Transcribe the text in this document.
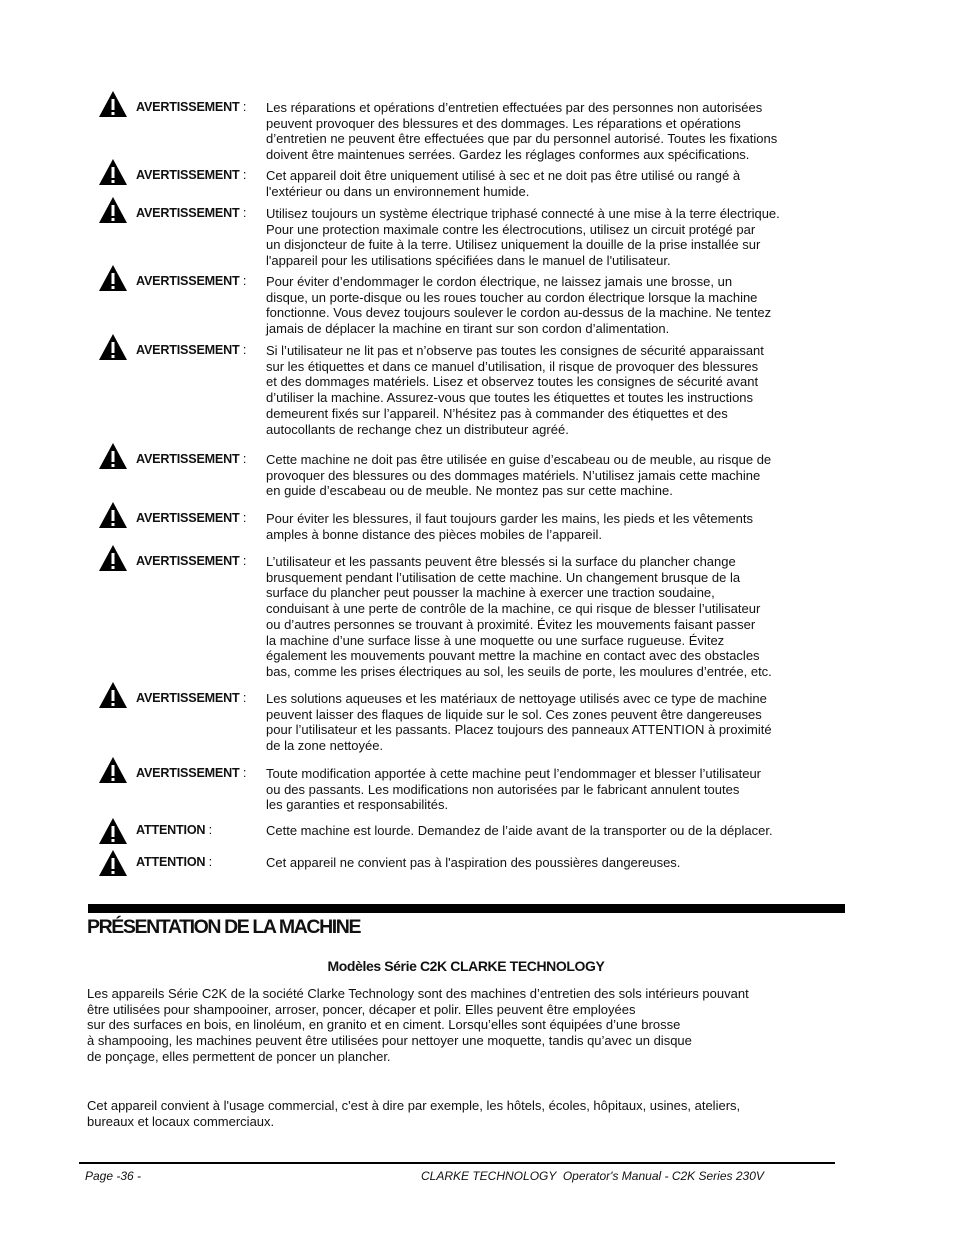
AVERTISSEMENT : Les réparations et opérations d’entretien effectuées par des personnes non autorisées
peuvent provoquer des blessures et des dommages. Les réparations et opérations
d’entretien ne peuvent être effectuées que par du personnel autorisé. Toutes les fixations
doivent être maintenues serrées. Gardez les réglages conformes aux spécifications.
AVERTISSEMENT : Cet appareil doit être uniquement utilisé à sec et ne doit pas être utilisé ou rangé à
l'extérieur ou dans un environnement humide.
AVERTISSEMENT : Utilisez toujours un système électrique triphasé connecté à une mise à la terre électrique.
Pour une protection maximale contre les électrocutions, utilisez un circuit protégé par
un disjoncteur de fuite à la terre. Utilisez uniquement la douille de la prise installée sur
l'appareil pour les utilisations spécifiées dans le manuel de l'utilisateur.
AVERTISSEMENT : Pour éviter d’endommager le cordon électrique, ne laissez jamais une brosse, un
disque, un porte-disque ou les roues toucher au cordon électrique lorsque la machine
fonctionne. Vous devez toujours soulever le cordon au-dessus de la machine. Ne tentez
jamais de déplacer la machine en tirant sur son cordon d’alimentation.
AVERTISSEMENT : Si l’utilisateur ne lit pas et n’observe pas toutes les consignes de sécurité apparaissant
sur les étiquettes et dans ce manuel d’utilisation, il risque de provoquer des blessures
et des dommages matériels. Lisez et observez toutes les consignes de sécurité avant
d’utiliser la machine. Assurez-vous que toutes les étiquettes et toutes les instructions
demeurent fixés sur l’appareil. N’hésitez pas à commander des étiquettes et des
autocollants de rechange chez un distributeur agréé.
AVERTISSEMENT : Cette machine ne doit pas être utilisée en guise d’escabeau ou de meuble, au risque de
provoquer des blessures ou des dommages matériels. N’utilisez jamais cette machine
en guide d’escabeau ou de meuble. Ne montez pas sur cette machine.
AVERTISSEMENT : Pour éviter les blessures, il faut toujours garder les mains, les pieds et les vêtements
amples à bonne distance des pièces mobiles de l’appareil.
AVERTISSEMENT : L’utilisateur et les passants peuvent être blessés si la surface du plancher change
brusquement pendant l’utilisation de cette machine. Un changement brusque de la
surface du plancher peut pousser la machine à exercer une traction soudaine,
conduisant à une perte de contrôle de la machine, ce qui risque de blesser l’utilisateur
ou d’autres personnes se trouvant à proximité. Évitez les mouvements faisant passer
la machine d’une surface lisse à une moquette ou une surface rugueuse. Évitez
également les mouvements pouvant mettre la machine en contact avec des obstacles
bas, comme les prises électriques au sol, les seuils de porte, les moulures d’entrée, etc.
AVERTISSEMENT : Les solutions aqueuses et les matériaux de nettoyage utilisés avec ce type de machine
peuvent laisser des flaques de liquide sur le sol. Ces zones peuvent être dangereuses
pour l’utilisateur et les passants. Placez toujours des panneaux ATTENTION à proximité
de la zone nettoyée.
AVERTISSEMENT : Toute modification apportée à cette machine peut l’endommager et blesser l’utilisateur
ou des passants. Les modifications non autorisées par le fabricant annulent toutes
les garanties et responsabilités.
ATTENTION :	Cette machine est lourde. Demandez de l’aide avant de la transporter ou de la déplacer.
ATTENTION :	Cet appareil ne convient pas à l'aspiration des poussières dangereuses.
PRÉSENTATION DE LA MACHINE
Modèles Série C2K CLARKE TECHNOLOGY
Les appareils Série C2K de la société Clarke Technology sont des machines d’entretien des sols intérieurs pouvant
être utilisées pour shampooiner, arroser, poncer, décaper et polir. Elles peuvent être employées
sur des surfaces en bois, en linoléum, en granito et en ciment. Lorsqu’elles sont équipées d’une brosse
à shampooing, les machines peuvent être utilisées pour nettoyer une moquette, tandis qu’avec un disque
de ponçage, elles permettent de poncer un plancher.
Cet appareil convient à l'usage commercial, c'est à dire par exemple, les hôtels, écoles, hôpitaux, usines, ateliers,
bureaux et locaux commerciaux.
Page -36 -	CLARKE TECHNOLOGY  Operator's Manual - C2K Series 230V
